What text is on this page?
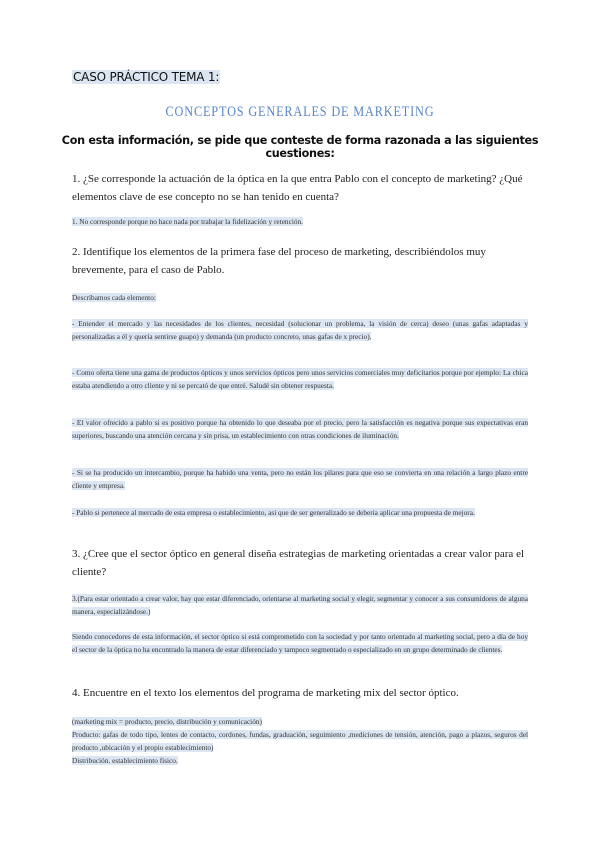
CASO PRÁCTICO TEMA 1:
CONCEPTOS GENERALES DE MARKETING
Con esta información, se pide que conteste de forma razonada a las siguientes cuestiones:
1. ¿Se corresponde la actuación de la óptica en la que entra Pablo con el concepto de marketing? ¿Qué elementos clave de ese concepto no se han tenido en cuenta?
1. No corresponde porque no hace nada por trabajar la fidelización y retención.
2. Identifique los elementos de la primera fase del proceso de marketing, describiéndolos muy brevemente, para el caso de Pablo.
Describamos cada elemento:
- Entender el mercado y las necesidades de los clientes, necesidad (solucionar un problema, la visión de cerca) deseo (unas gafas adaptadas y personalizadas a él y quería sentirse guapo) y demanda (un producto concreto, unas gafas de x precio).
- Como oferta tiene una gama de productos ópticos y unos servicios ópticos pero unos servicios comerciales muy deficitarios porque por ejemplo: La chica estaba atendiendo a otro cliente y ni se percató de que entré. Saludé sin obtener respuesta.
- El valor ofrecido a pablo si es positivo porque ha obtenido lo que deseaba por el precio, pero la satisfacción es negativa porque sus expectativas eran superiores, buscando una atención cercana y sin prisa, un establecimiento con otras condiciones de iluminación.
- Si se ha producido un intercambio, porque ha habido una venta, pero no están los pilares para que eso se convierta en una relación a largo plazo entre cliente y empresa.
- Pablo si pertenece al mercado de esta empresa o establecimiento, así que de ser generalizado se debería aplicar una propuesta de mejora.
3. ¿Cree que el sector óptico en general diseña estrategias de marketing orientadas a crear valor para el cliente?
3.(Para estar orientado a crear valor, hay que estar diferenciado, orientarse al marketing social y elegir, segmentar y conocer a sus consumidores de alguna manera, especializándose.)
Siendo conocedores de esta información, el sector óptico si está comprometido con la sociedad y por tanto orientado al marketing social, pero a día de hoy el sector de la óptica no ha encontrado la manera de estar diferenciado y tampoco segmentado o especializado en un grupo determinado de clientes.
4. Encuentre en el texto los elementos del programa de marketing mix del sector óptico.
(marketing mix = producto, precio, distribución y comunicación)
Producto: gafas de todo tipo, lentes de contacto, cordones, fundas, graduación, seguimiento ,mediciones de tensión, atención, pago a plazos, seguros del producto ,ubicación y el propio establecimiento)
Distribución. establecimiento físico.
